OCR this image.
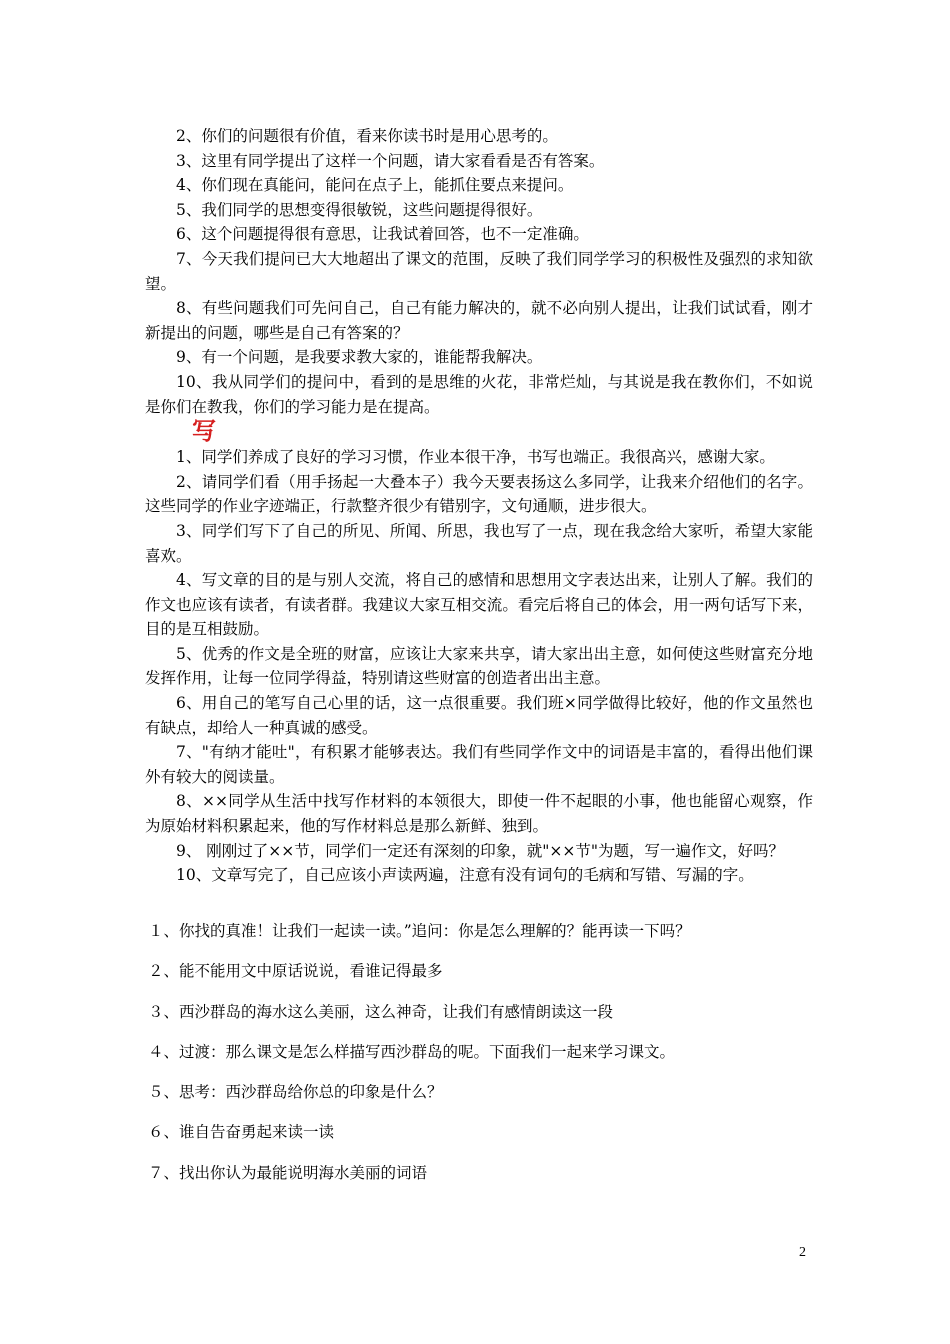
2、你们的问题很有价值，看来你读书时是用心思考的。

3、这里有同学提出了这样一个问题，请大家看看是否有答案。

4、你们现在真能问，能问在点子上，能抓住要点来提问。

5、我们同学的思想变得很敏锐，这些问题提得很好。

6、这个问题提得很有意思，让我试着回答，也不一定准确。

7、今天我们提问已大大地超出了课文的范围，反映了我们同学学习的积极性及强烈的求知欲望。

8、有些问题我们可先问自己，自己有能力解决的，就不必向别人提出，让我们试试看，刚才新提出的问题，哪些是自己有答案的？

9、有一个问题，是我要求教大家的，谁能帮我解决。

10、我从同学们的提问中，看到的是思维的火花，非常烂灿，与其说是我在教你们，不如说是你们在教我，你们的学习能力是在提高。

写

1、同学们养成了良好的学习习惯，作业本很干净，书写也端正。我很高兴，感谢大家。

2、请同学们看（用手扬起一大叠本子）我今天要表扬这么多同学，让我来介绍他们的名字。这些同学的作业字迹端正，行款整齐很少有错别字，文句通顺，进步很大。

3、同学们写下了自己的所见、所闻、所思，我也写了一点，现在我念给大家听，希望大家能喜欢。

4、写文章的目的是与别人交流，将自己的感情和思想用文字表达出来，让别人了解。我们的作文也应该有读者，有读者群。我建议大家互相交流。看完后将自己的体会，用一两句话写下来，目的是互相鼓励。

5、优秀的作文是全班的财富，应该让大家来共享，请大家出出主意，如何使这些财富充分地发挥作用，让每一位同学得益，特别请这些财富的创造者出出主意。

6、用自己的笔写自己心里的话，这一点很重要。我们班×同学做得比较好，他的作文虽然也有缺点，却给人一种真诚的感受。

7、"有纳才能吐"，有积累才能够表达。我们有些同学作文中的词语是丰富的，看得出他们课外有较大的阅读量。

8、××同学从生活中找写作材料的本领很大，即使一件不起眼的小事，他也能留心观察，作为原始材料积累起来，他的写作材料总是那么新鲜、独到。

9、 刚刚过了××节，同学们一定还有深刻的印象，就"××节"为题，写一遍作文，好吗？

10、文章写完了，自己应该小声读两遍，注意有没有词句的毛病和写错、写漏的字。

１、你找的真准！让我们一起读一读。”追问：你是怎么理解的？能再读一下吗？

２、能不能用文中原话说说，看谁记得最多

３、西沙群岛的海水这么美丽，这么神奇，让我们有感情朗读这一段

４、过渡：那么课文是怎么样描写西沙群岛的呢。下面我们一起来学习课文。

５、思考：西沙群岛给你总的印象是什么？

６、谁自告奋勇起来读一读

７、找出你认为最能说明海水美丽的词语

2
